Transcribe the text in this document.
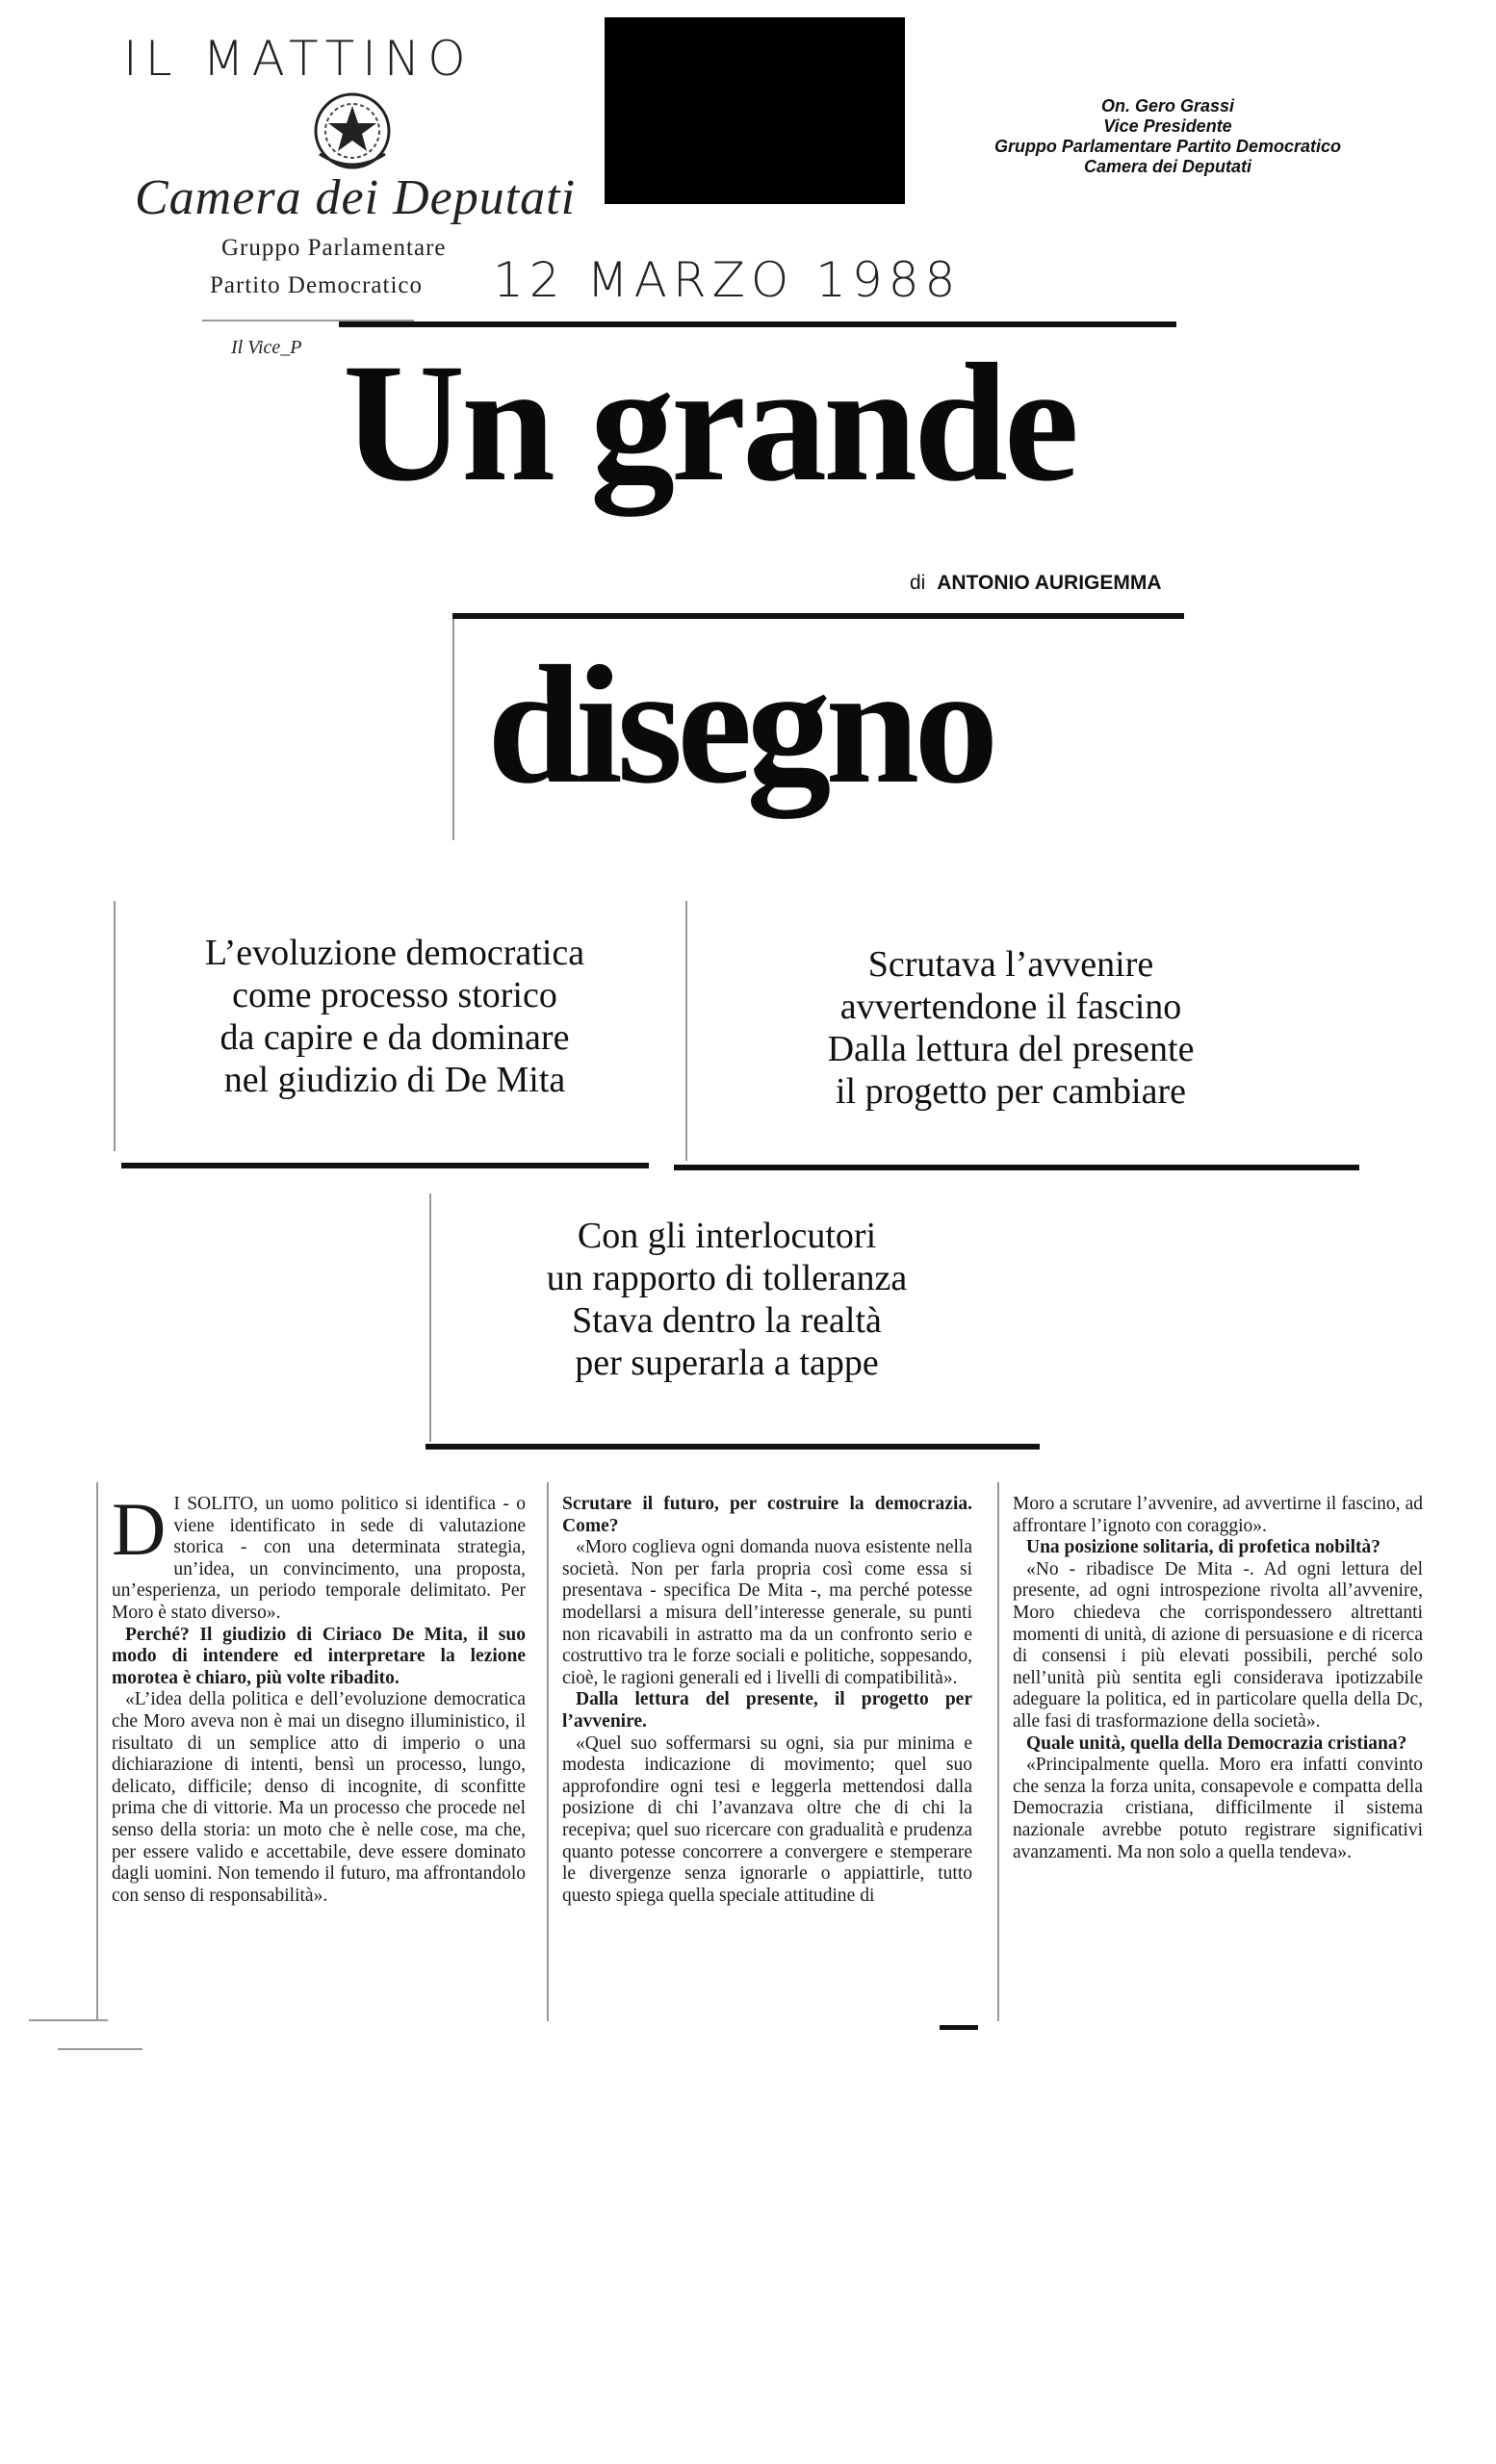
IL MATTINO
12 MARZO 1988
Camera dei Deputati
Gruppo Parlamentare
Partito Democratico
Il Vice_P
On. Gero Grassi
Vice Presidente
Gruppo Parlamentare Partito Democratico
Camera dei Deputati
Un grande
di ANTONIO AURIGEMMA
disegno
L’evoluzione democratica
come processo storico
da capire e da dominare
nel giudizio di De Mita
Scrutava l’avvenire
avvertendone il fascino
Dalla lettura del presente
il progetto per cambiare
Con gli interlocutori
un rapporto di tolleranza
Stava dentro la realtà
per superarla a tappe
D I SOLITO, un uomo politico si identifica - o viene identificato in sede di valutazione storica - con una determinata strategia, un’idea, un convincimento, una proposta, un’esperienza, un periodo temporale delimitato. Per Moro è stato diverso».

Perché? Il giudizio di Ciriaco De Mita, il suo modo di intendere ed interpretare la lezione morotea è chiaro, più volte ribadito.

«L’idea della politica e dell’evoluzione democratica che Moro aveva non è mai un disegno illuministico, il risultato di un semplice atto di imperio o una dichiarazione di intenti, bensì un processo, lungo, delicato, difficile; denso di incognite, di sconfitte prima che di vittorie. Ma un processo che procede nel senso della storia: un moto che è nelle cose, ma che, per essere valido e accettabile, deve essere dominato dagli uomini. Non temendo il futuro, ma affrontandolo con senso di responsabilità».

Scrutare il futuro, per costruire la democrazia. Come?

«Moro coglieva ogni domanda nuova esistente nella società. Non per farla propria così come essa si presentava - specifica De Mita -, ma perché potesse modellarsi a misura dell’interesse generale, su punti non ricavabili in astratto ma da un confronto serio e costruttivo tra le forze sociali e politiche, soppesando, cioè, le ragioni generali ed i livelli di compatibilità».

Dalla lettura del presente, il progetto per l’avvenire.

«Quel suo soffermarsi su ogni, sia pur minima e modesta indicazione di movimento; quel suo approfondire ogni tesi e leggerla mettendosi dalla posizione di chi l’avanzava oltre che di chi la recepiva; quel suo ricercare con gradualità e prudenza quanto potesse concorrere a convergere e stemperare le divergenze senza ignorarle o appiattirle, tutto questo spiega quella speciale attitudine di

Moro a scrutare l’avvenire, ad avvertirne il fascino, ad affrontare l’ignoto con coraggio».

Una posizione solitaria, di profetica nobiltà?

«No - ribadisce De Mita -. Ad ogni lettura del presente, ad ogni introspezione rivolta all’avvenire, Moro chiedeva che corrispondessero altrettanti momenti di unità, di azione di persuasione e di ricerca di consensi i più elevati possibili, perché solo nell’unità più sentita egli considerava ipotizzabile adeguare la politica, ed in particolare quella della Dc, alle fasi di trasformazione della società».

Quale unità, quella della Democrazia cristiana?

«Principalmente quella. Moro era infatti convinto che senza la forza unita, consapevole e compatta della Democrazia cristiana, difficilmente il sistema nazionale avrebbe potuto registrare significativi avanzamenti. Ma non solo a quella tendeva».
